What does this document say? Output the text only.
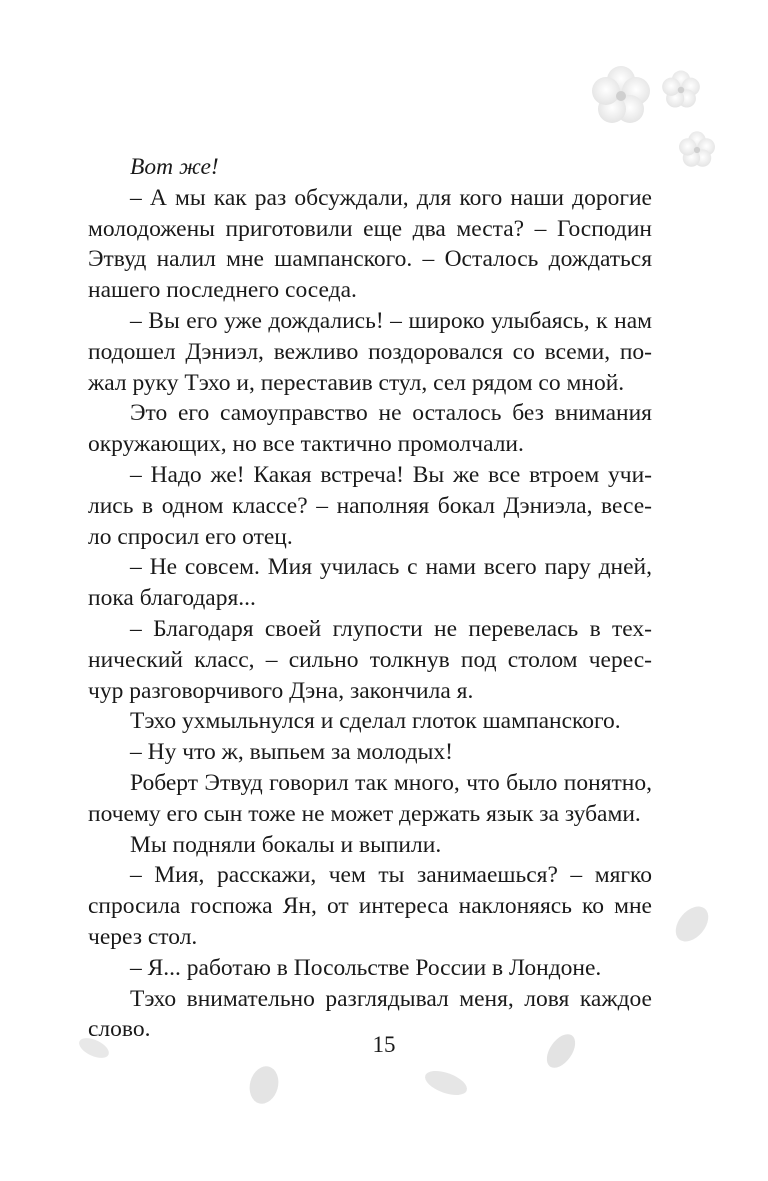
Вот же!
– А мы как раз обсуждали, для кого наши дорогие
молодожены приготовили еще два места? – Господин
Этвуд налил мне шампанского. – Осталось дождаться
нашего последнего соседа.
– Вы его уже дождались! – широко улыбаясь, к нам
подошел Дэниэл, вежливо поздоровался со всеми, по-
жал руку Тэхо и, переставив стул, сел рядом со мной.
Это его самоуправство не осталось без внимания
окружающих, но все тактично промолчали.
– Надо же! Какая встреча! Вы же все втроем учи-
лись в одном классе? – наполняя бокал Дэниэла, весе-
ло спросил его отец.
– Не совсем. Мия училась с нами всего пару дней,
пока благодаря...
– Благодаря своей глупости не перевелась в тех-
нический класс, – сильно толкнув под столом черес-
чур разговорчивого Дэна, закончила я.
Тэхо ухмыльнулся и сделал глоток шампанского.
– Ну что ж, выпьем за молодых!
Роберт Этвуд говорил так много, что было понятно,
почему его сын тоже не может держать язык за зубами.
Мы подняли бокалы и выпили.
– Мия, расскажи, чем ты занимаешься? – мягко
спросила госпожа Ян, от интереса наклоняясь ко мне
через стол.
– Я... работаю в Посольстве России в Лондоне.
Тэхо внимательно разглядывал меня, ловя каждое
слово.
15
